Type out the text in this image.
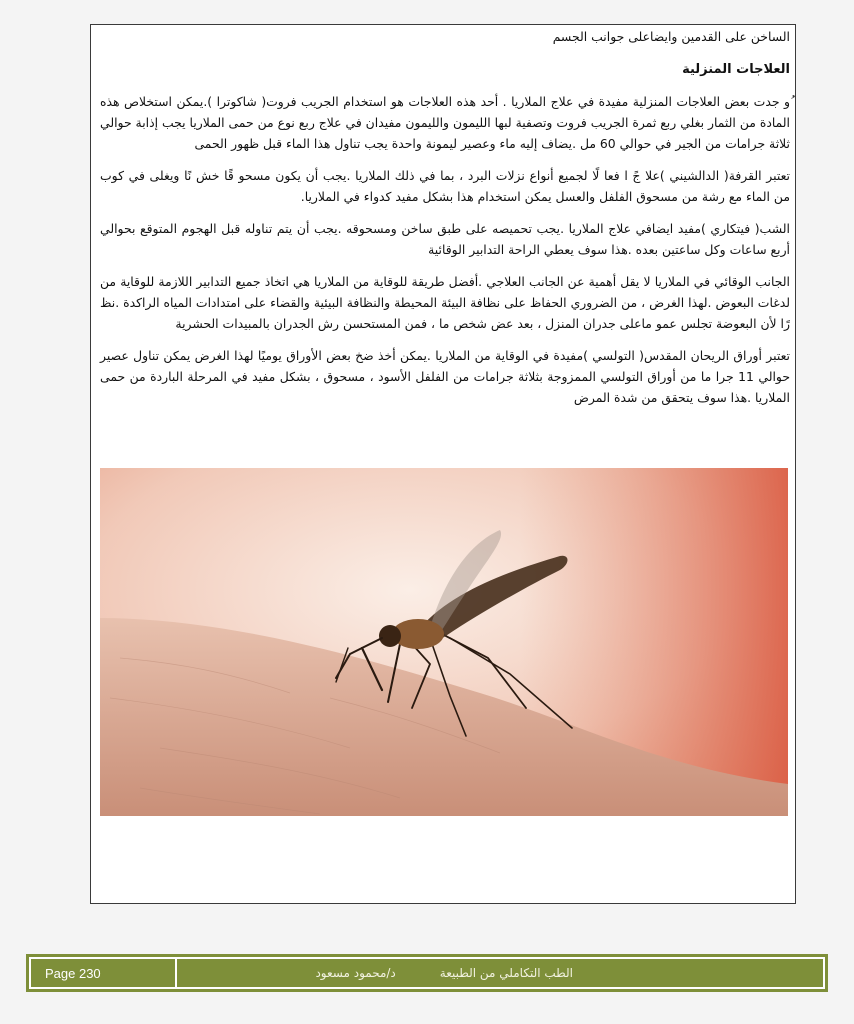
الساخن على القدمين وايضاعلى جوانب الجسم

العلاجات المنزلية

ُو جدت بعض العلاجات المنزلية مفيدة في علاج الملاريا . أحد هذه العلاجات هو استخدام الجريب فروت( شاكوترا ).يمكن استخلاص هذه المادة من الثمار بغلي ربع ثمرة الجريب فروت وتصفية لبها الليمون والليمون مفيدان في علاج ربع نوع من حمى الملاريا يجب إذابة حوالي ثلاثة جرامات من الجير في حوالي 60 مل .يضاف إليه ماء وعصير ليمونة واحدة يجب تناول هذا الماء قبل ظهور الحمى

تعتبر القرفة( الدالشيني )علا جً ا فعا لًا لجميع أنواع نزلات البرد ، بما في ذلك الملاريا .يجب أن يكون مسحو قًا خش نًا ويغلى في كوب من الماء مع رشة من مسحوق الفلفل والعسل يمكن استخدام هذا بشكل مفيد كدواء في الملاريا.

الشب( فيتكاري )مفيد ايضافي علاج الملاريا .يجب تحميصه على طبق ساخن ومسحوقه .يجب أن يتم تناوله قبل الهجوم المتوقع بحوالي أربع ساعات وكل ساعتين بعده .هذا سوف يعطي الراحة التدابير الوقائية

الجانب الوقائي في الملاريا لا يقل أهمية عن الجانب العلاجي .أفضل طريقة للوقاية من الملاريا هي اتخاذ جميع التدابير اللازمة للوقاية من لدغات البعوض .لهذا الغرض ، من الضروري الحفاظ على نظافة البيئة المحيطة والنظافة البيئية والقضاء على امتدادات المياه الراكدة .نظ رًا لأن البعوضة تجلس عمو ماعلى جدران المنزل ، بعد عض شخص ما ، فمن المستحسن رش الجدران بالمبيدات الحشرية

تعتبر أوراق الريحان المقدس( التولسي )مفيدة في الوقاية من الملاريا .يمكن أخذ ضخ بعض الأوراق يوميًا لهذا الغرض يمكن تناول عصير حوالي 11 جرا ما من أوراق التولسي الممزوجة بثلاثة جرامات من الفلفل الأسود ، مسحوق ، بشكل مفيد في المرحلة الباردة من حمى الملاريا .هذا سوف يتحقق من شدة المرض

Page 230	الطب التكاملي من الطبيعة
د/محمود مسعود
